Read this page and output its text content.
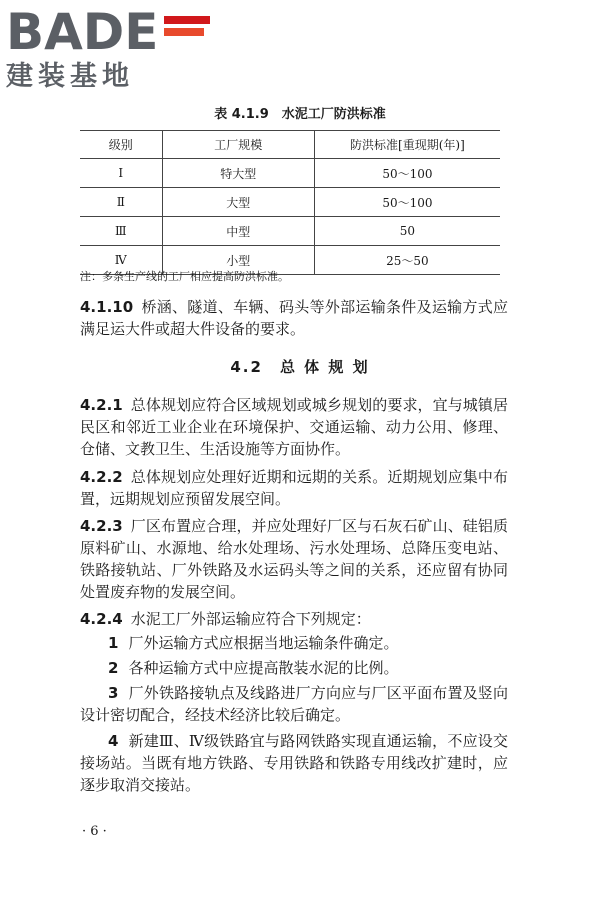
BADE
建装基地
表 4.1.9　水泥工厂防洪标准
级别	工厂规模	防洪标准[重现期(年)]
Ⅰ	特大型	50～100
Ⅱ	大型	50～100
Ⅲ	中型	50
Ⅳ	小型	25～50
注：多条生产线的工厂相应提高防洪标准。
4.1.10 桥涵、隧道、车辆、码头等外部运输条件及运输方式应满足运大件或超大件设备的要求。
4.2　总 体 规 划
4.2.1 总体规划应符合区域规划或城乡规划的要求，宜与城镇居民区和邻近工业企业在环境保护、交通运输、动力公用、修理、仓储、文教卫生、生活设施等方面协作。
4.2.2 总体规划应处理好近期和远期的关系。近期规划应集中布置，远期规划应预留发展空间。
4.2.3 厂区布置应合理，并应处理好厂区与石灰石矿山、硅铝质原料矿山、水源地、给水处理场、污水处理场、总降压变电站、铁路接轨站、厂外铁路及水运码头等之间的关系，还应留有协同处置废弃物的发展空间。
4.2.4 水泥工厂外部运输应符合下列规定：
1 厂外运输方式应根据当地运输条件确定。
2 各种运输方式中应提高散装水泥的比例。
3 厂外铁路接轨点及线路进厂方向应与厂区平面布置及竖向设计密切配合，经技术经济比较后确定。
4 新建Ⅲ、Ⅳ级铁路宜与路网铁路实现直通运输，不应设交接场站。当既有地方铁路、专用铁路和铁路专用线改扩建时，应逐步取消交接站。
· 6 ·
